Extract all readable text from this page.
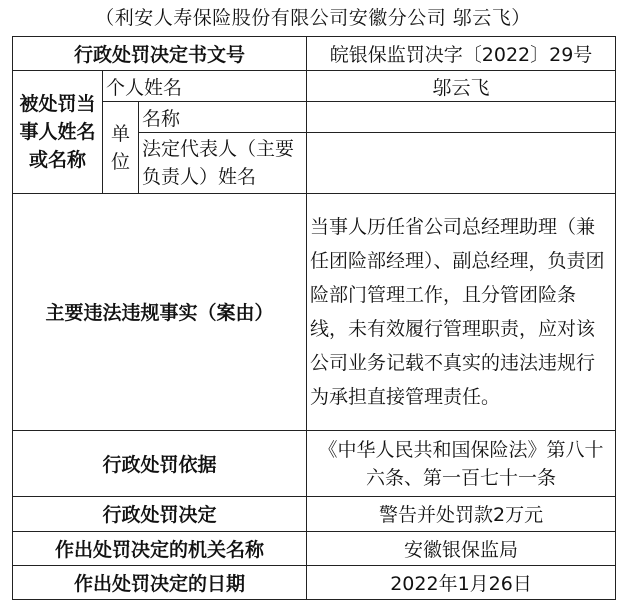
（利安人寿保险股份有限公司安徽分公司 邬云飞）
行政处罚决定书文号			皖银保监罚决字〔2022〕29号
被处罚当事人姓名或名称	个人姓名		邬云飞
	单位	名称	
		法定代表人（主要负责人）姓名	
主要违法违规事实（案由）			当事人历任省公司总经理助理（兼任团险部经理）、副总经理，负责团险部门管理工作，且分管团险条线，未有效履行管理职责，应对该公司业务记载不真实的违法违规行为承担直接管理责任。
行政处罚依据			《中华人民共和国保险法》第八十六条、第一百七十一条
行政处罚决定			警告并处罚款2万元
作出处罚决定的机关名称			安徽银保监局
作出处罚决定的日期			2022年1月26日
